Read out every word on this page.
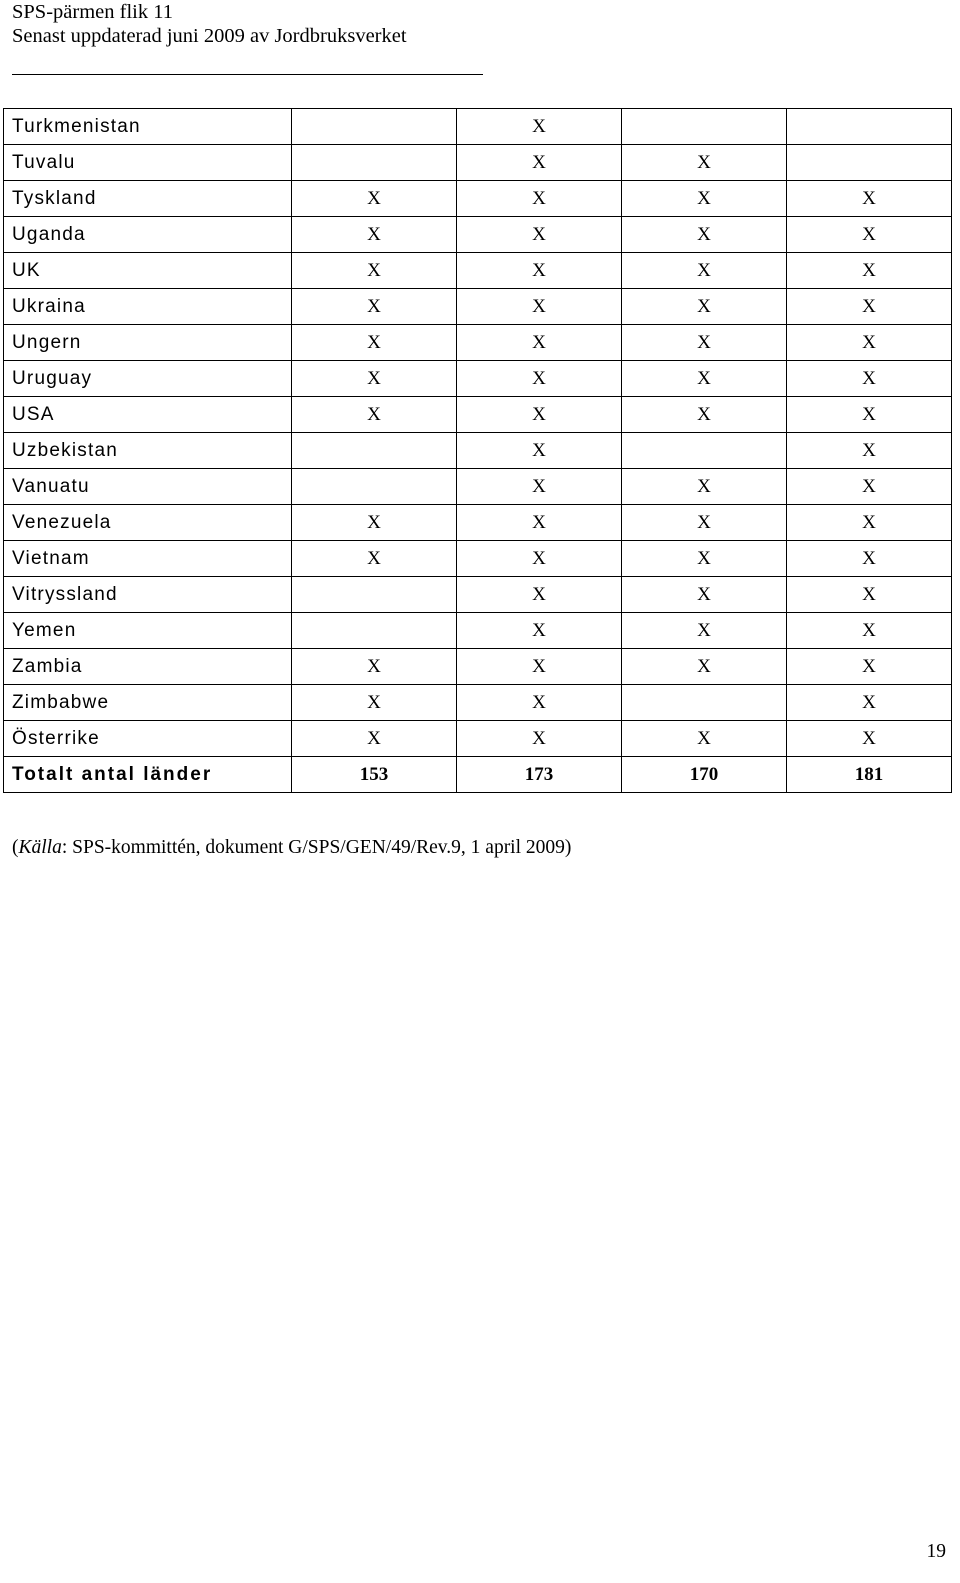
SPS-pärmen flik 11
Senast uppdaterad juni 2009 av Jordbruksverket
Turkmenistan		X		
Tuvalu		X	X	
Tyskland	X	X	X	X
Uganda	X	X	X	X
UK	X	X	X	X
Ukraina	X	X	X	X
Ungern	X	X	X	X
Uruguay	X	X	X	X
USA	X	X	X	X
Uzbekistan		X		X
Vanuatu		X	X	X
Venezuela	X	X	X	X
Vietnam	X	X	X	X
Vitryssland		X	X	X
Yemen		X	X	X
Zambia	X	X	X	X
Zimbabwe	X	X		X
Österrike	X	X	X	X
Totalt antal länder	153	173	170	181
(Källa: SPS-kommittén, dokument G/SPS/GEN/49/Rev.9, 1 april 2009)
19
